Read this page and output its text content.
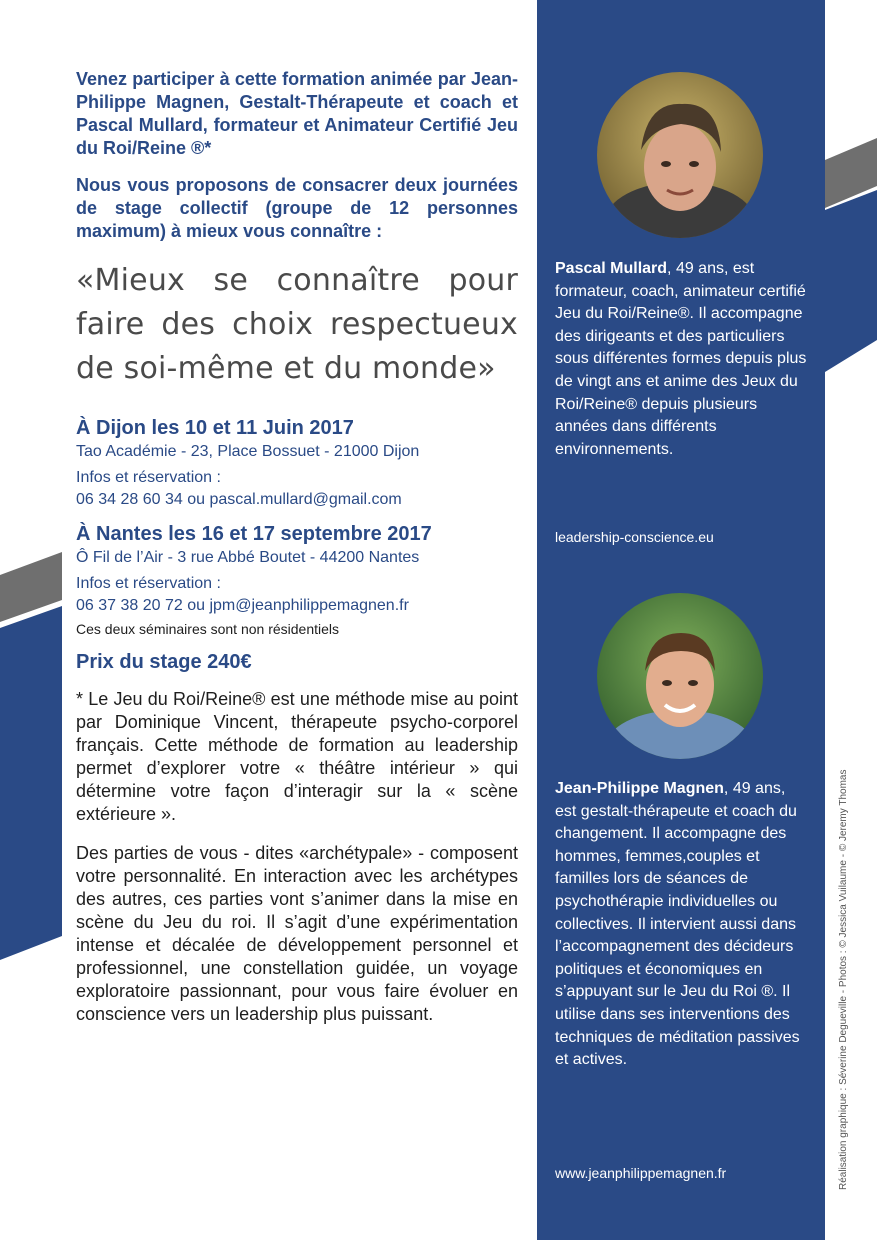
Venez participer à cette formation animée par Jean-Philippe Magnen, Gestalt-Thérapeute et coach et Pascal Mullard, formateur et Animateur Certifié Jeu du Roi/Reine ®*

Nous vous proposons de consacrer deux journées de stage collectif (groupe de 12 personnes maximum) à mieux vous connaître :

«Mieux se connaître pour faire des choix respectueux de soi-même et du monde»

À Dijon les 10 et 11 Juin 2017

Tao Académie - 23, Place Bossuet - 21000 Dijon

Infos et réservation :

06 34 28 60 34 ou pascal.mullard@gmail.com

À Nantes les 16 et 17 septembre 2017

Ô Fil de l’Air - 3 rue Abbé Boutet - 44200 Nantes

Infos et réservation :

06 37 38 20 72 ou jpm@jeanphilippemagnen.fr

Ces deux séminaires sont non résidentiels

Prix du stage 240€

* Le Jeu du Roi/Reine® est une méthode mise au point par Dominique Vincent, thérapeute psycho-corporel français. Cette méthode de formation au leadership permet d’explorer votre « théâtre intérieur » qui détermine votre façon d’interagir sur la « scène extérieure ».

Des parties de vous - dites «archétypale» - composent votre personnalité. En interaction avec les archétypes des autres, ces parties vont s’animer dans la mise en scène du Jeu du roi. Il s’agit d’une expérimentation intense et décalée de développement personnel et professionnel, une constellation guidée, un voyage exploratoire passionnant, pour vous faire évoluer en conscience vers un leadership plus puissant.

Pascal Mullard, 49 ans, est formateur, coach, animateur certifié Jeu du Roi/Reine®. Il accompagne des dirigeants et des particuliers sous différentes formes depuis plus de vingt ans et anime des Jeux du Roi/Reine® depuis plusieurs années dans différents environnements.
leadership-conscience.eu
Jean-Philippe Magnen, 49 ans, est gestalt-thérapeute et coach du changement. Il accompagne des hommes, femmes,couples et familles lors de séances de psychothérapie individuelles ou collectives. Il intervient aussi dans l’accompagnement des décideurs politiques et économiques en s’appuyant sur le Jeu du Roi ®. Il utilise dans ses interventions des techniques de méditation passives et actives.
www.jeanphilippemagnen.fr	Réalisation graphique : Séverine Degueville - Photos : © Jessica Vuilaume - © Jeremy Thomas
